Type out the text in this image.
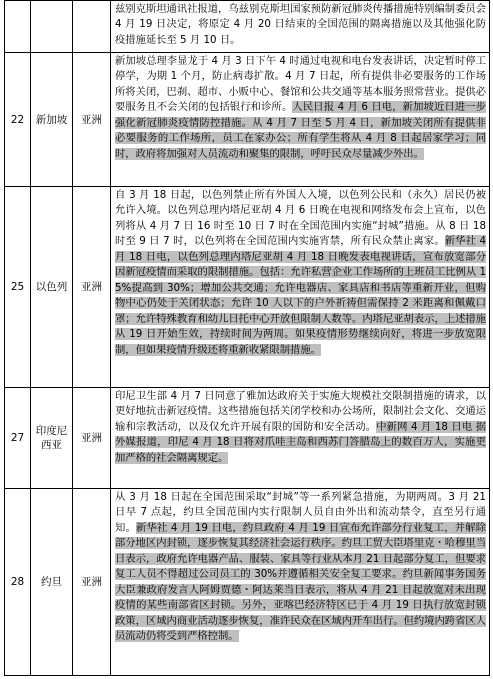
		兹别克斯坦通讯社报道，乌兹别克斯坦国家预防新冠肺炎传播措施特别编制委员会 4 月 19 日决定，将原定 4 月 20 日结束的全国范围的隔离措施以及其他强化防疫措施延长至 5 月 10 日。
22	新加坡	亚洲	新加坡总理李显龙于 4 月 3 日下午 4 时通过电视和电台发表讲话，决定暂时停工停学，为期 1 个月，防止病毒扩散。4 月 7 日起，所有提供非必要服务的工作场所将关闭，巴刹、超市、小贩中心、餐馆和公共交通等基本服务照常营业。提供必要服务且不会关闭的包括银行和诊所。人民日报 4 月 6 日电，新加坡近日进一步强化新冠肺炎疫情防控措施。从 4 月 7 日至 5 月 4 日，新加坡关闭所有提供非必要服务的工作场所，员工在家办公；所有学生将从 4 月 8 日起居家学习；同时，政府将加强对人员流动和聚集的限制，呼吁民众尽量减少外出。
25	以色列	亚洲	自 3 月 18 日起，以色列禁止所有外国人入境，以色列公民和（永久）居民仍被允许入境。以色列总理内塔尼亚胡 4 月 6 日晚在电视和网络发布会上宣布，以色列将从 4 月 7 日 16 时至 10 日 7 时在全国范围内实施“封城”措施。从 8 日 18 时至 9 日 7 时，以色列将在全国范围内实施宵禁，所有民众禁止离家。新华社 4 月 18 日电，以色列总理内塔尼亚胡 4 月 18 日晚发表电视讲话，宣布放宽部分因新冠疫情而采取的限制措施。包括：允许私营企业工作场所的上班员工比例从 15%提高到 30%；增加公共交通；允许电器店、家具店和书店等重新开业，但购物中心仍处于关闭状态；允许 10 人以下的户外祈祷但需保持 2 米距离和佩戴口罩；允许特殊教育和幼儿日托中心开放但限制人数等。内塔尼亚胡表示，上述措施从 19 日开始生效，持续时间为两周。如果疫情形势继续向好，将进一步放宽限制，但如果疫情升级还将重新收紧限制措施。
27	印度尼西亚	亚洲	印尼卫生部 4 月 7 日同意了雅加达政府关于实施大规模社交限制措施的请求，以更好地抗击新冠疫情。这些措施包括关闭学校和办公场所，限制社会文化、交通运输和宗教活动，以及仅允许开展有限的国防和安全活动。中新网 4 月 18 日电 据外媒报道，印尼 4 月 18 日将对爪哇主岛和西苏门答腊岛上的数百万人，实施更加严格的社会隔离规定。
28	约旦	亚洲	从 3 月 18 日起在全国范围采取“封城”等一系列紧急措施，为期两周。3 月 21 日早 7 点起，约旦全国范围内实行限制人员自由外出和流动禁令，直至另行通知。新华社 4 月 19 日电，约旦政府 4 月 19 日宣布允许部分行业复工，并解除部分地区内封锁，逐步恢复其经济社会运行秩序。约旦工贸大臣塔里克・哈穆里当日表示，政府允许电器产品、服装、家具等行业从本月 21 日起部分复工，但要求复工人员不得超过公司员工的 30%并遵循相关安全复工要求。约旦新闻事务国务大臣兼政府发言人阿姆贾德・阿达莱当日表示，将从 4 月 21 日起放宽对未出现疫情的某些南部省区封锁。另外，亚喀巴经济特区已于 4 月 19 日执行放宽封锁政策，区域内商业活动逐步恢复，准许民众在区域内开车出行。但约境内跨省区人员流动仍将受到严格控制。
